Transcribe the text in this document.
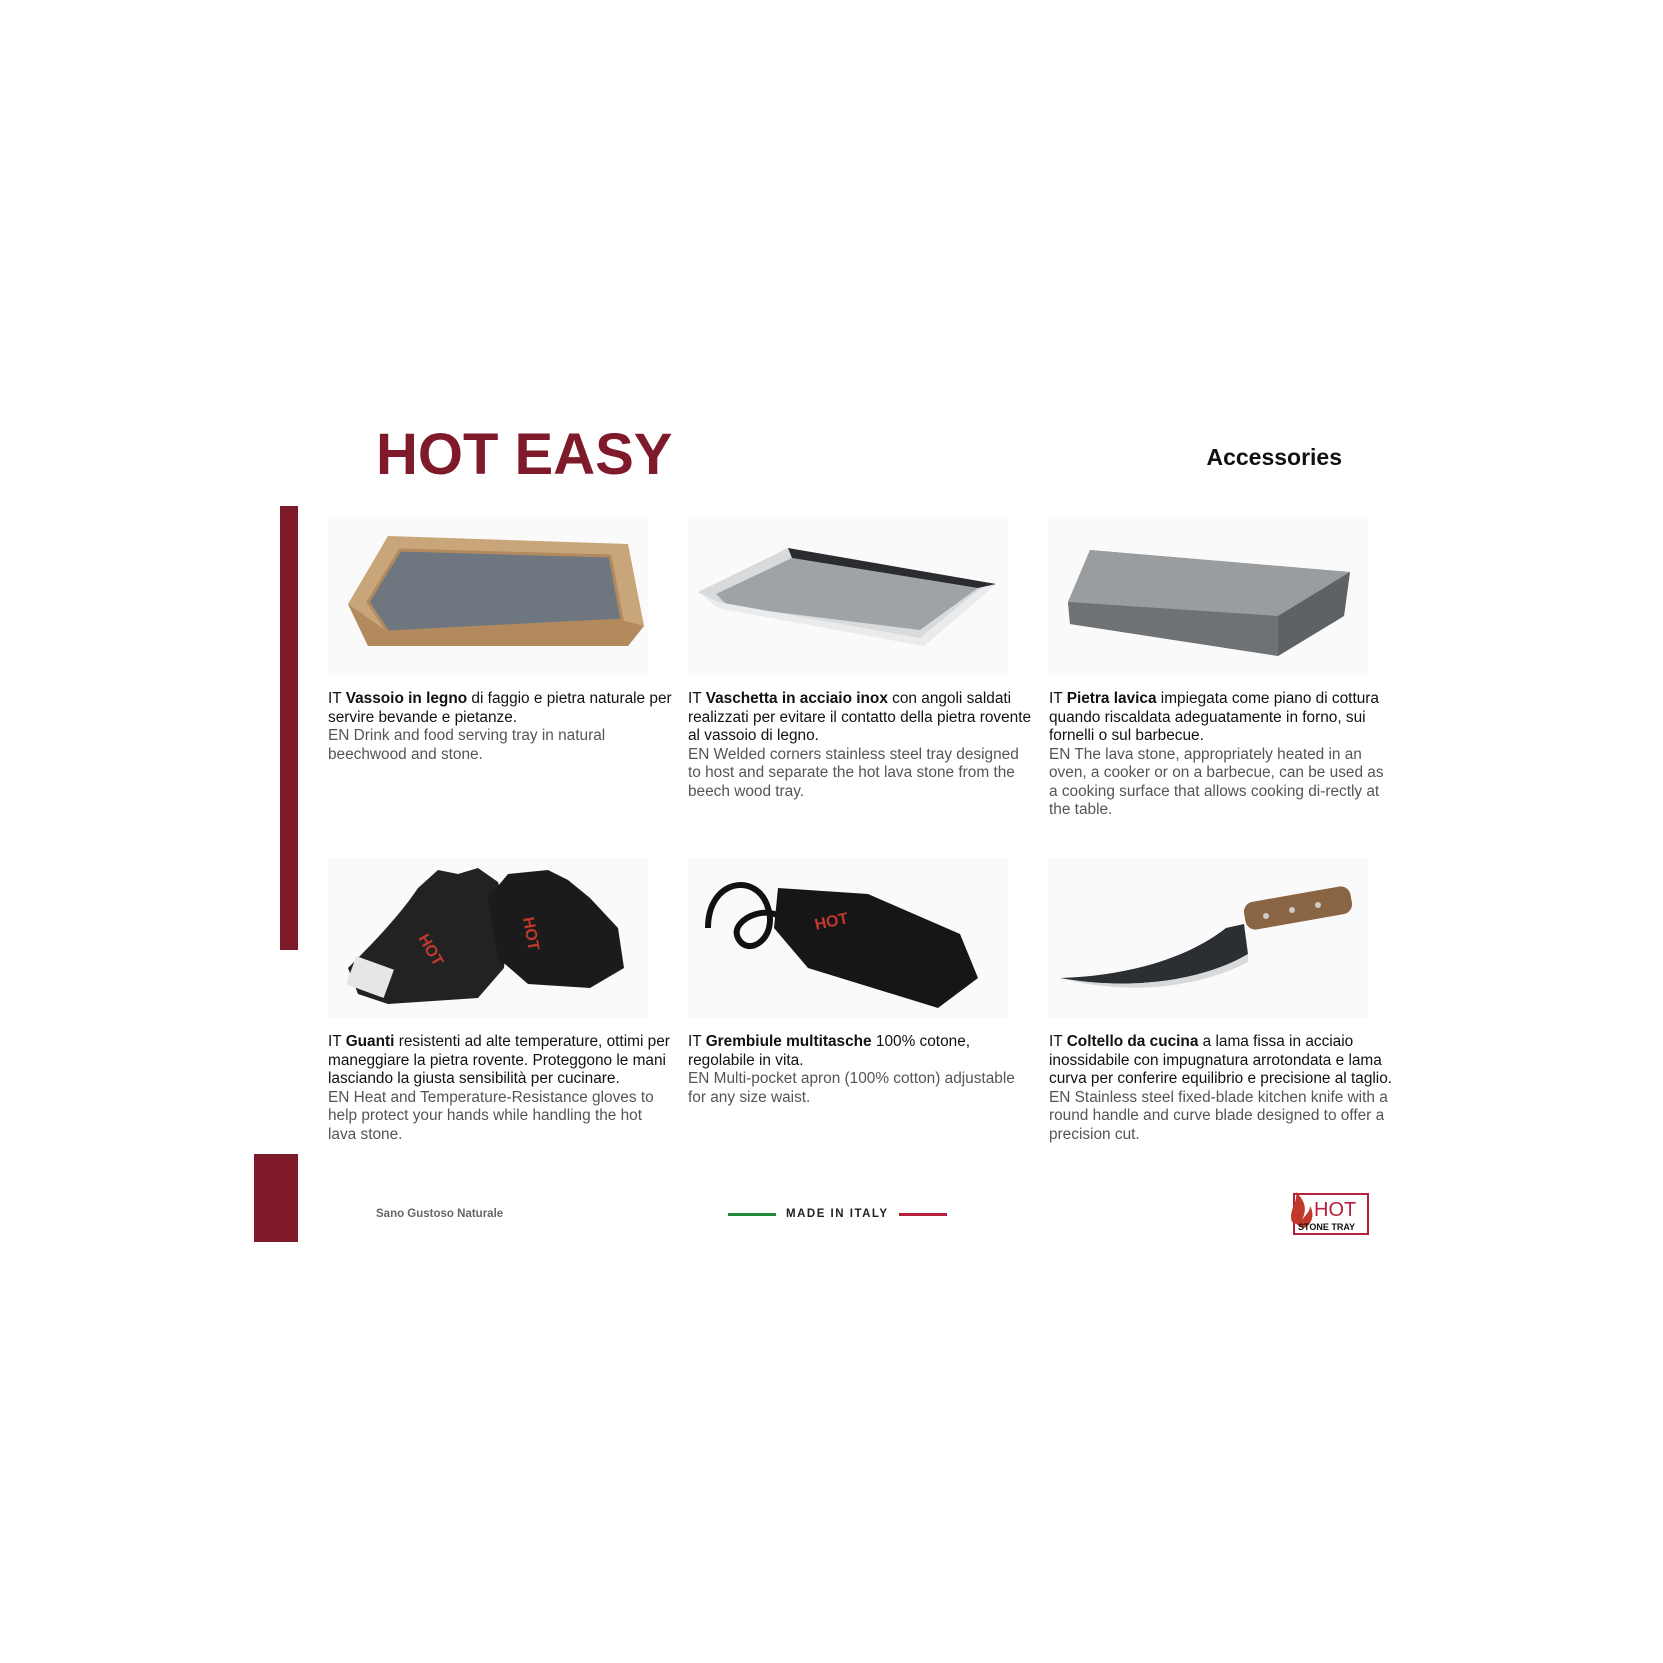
HOT EASY	Accessories
IT Vassoio in legno di faggio e pietra naturale per servire bevande e pietanze.
EN Drink and food serving tray in natural beechwood and stone.
IT Vaschetta in acciaio inox con angoli saldati realizzati per evitare il contatto della pietra rovente al vassoio di legno.
EN Welded corners stainless steel tray designed to host and separate the hot lava stone from the beech wood tray.
IT Pietra lavica impiegata come piano di cottura quando riscaldata adeguatamente in forno, sui fornelli o sul barbecue.
EN The lava stone, appropriately heated in an oven, a cooker or on a barbecue, can be used as a cooking surface that allows cooking di-rectly at the table.
HOT	HOT	HOT
IT Guanti resistenti ad alte temperature, ottimi per maneggiare la pietra rovente. Proteggono le mani lasciando la giusta sensibilità per cucinare.
EN Heat and Temperature-Resistance gloves to help protect your hands while handling the hot lava stone.
IT Grembiule multitasche 100% cotone, regolabile in vita.
EN Multi-pocket apron (100% cotton) adjustable for any size waist.
IT Coltello da cucina a lama fissa in acciaio inossidabile con impugnatura arrotondata e lama curva per conferire equilibrio e precisione al taglio.
EN Stainless steel fixed-blade kitchen knife with a round handle and curve blade designed to offer a precision cut.
Sano Gustoso Naturale	MADE IN ITALY	HOT
STONE TRAY
